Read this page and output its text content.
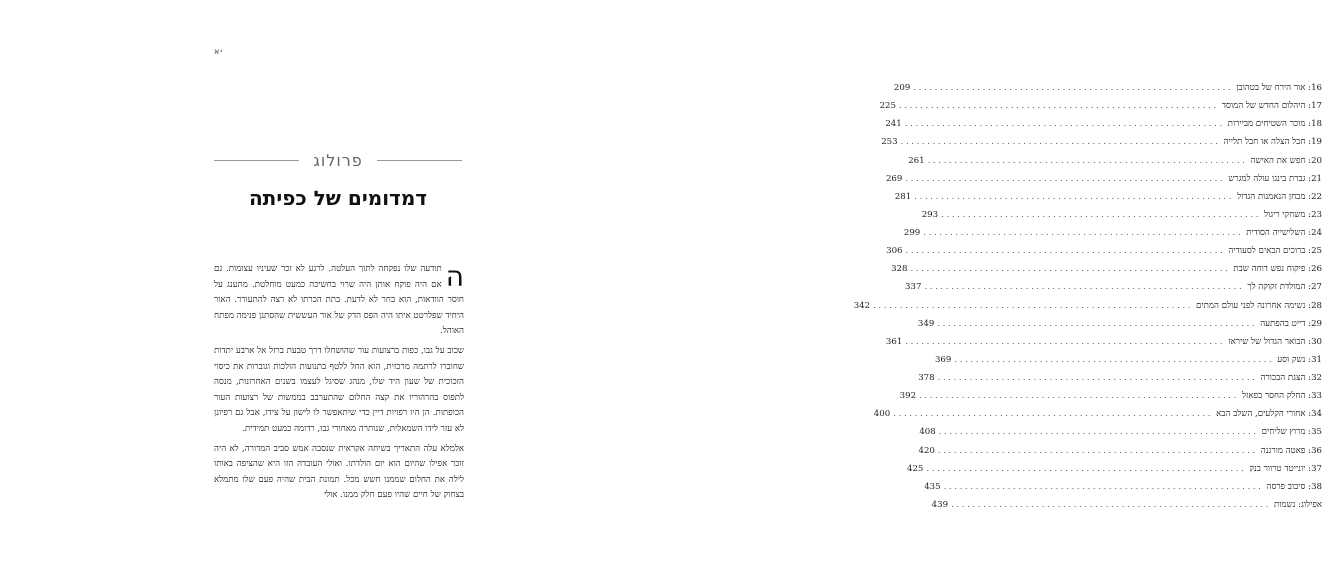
יא
פרולוג
דמדומים של כפיתה

ה
תודעה שלו נפקחה לתוך העלטה. לרגע לא זכר שעיניו עצומות. גם אם היה פוקח אותן היה שרוי בחשיכה כמעט מוחלטת. מתענג על חוסר הוודאות, הוא בחר לא לדעת. בתת הכרתו לא רצה להתעורר. האור היחיד שפלרטט איתו היה הפס הדק של אור העששית שהסתנן פנימה מפתח האוהל.

שכוב על גבו, כפות ברצועות עור שהושחלו דרך טבעת ברזל אל ארבע יתדות שחוברו לרתמה מרכזית, הוא החל ללטף בתנועות הולכות וגוברות את כיסוי הזכוכית של שעון היד שלו, מנהג שסיגל לעצמו בשנים האחרונות, מנסה לתפוס בהרהוריו את קצה החלום שהתערבב בממשות של רצועות העור הכופתות. הן היו רפויות דיין כדי שיתאפשר לו לישון על צידו, אבל גם רפיונן לא עזר לידו השמאלית, שנותרה מאחורי גבו, רדומה כמעט תמידית.

אלמלא עלה התאריך בשיחה אקראית שנסבה אמש סביב המדורה, לא היה זוכר אפילו שהיום הוא יום הולדתו. ואולי העובדה הזו היא שהציפה באותו לילה את החלום שממנו חשש מכל. תמונת הבית שהיה פעם שלו מתמלא בצחוק של חיים שהיו פעם חלק ממנו. אולי

16: אור הירח של בטהובן
............................................................
209
17: היהלום החדש של המוסד
............................................................
225
18: מוכר השטיחים מביירות
............................................................
241
19: חבל הצלה או חבל תלייה
............................................................
253
20: חפש את האישה
............................................................
261
21: גברת בינגו עולה למגרש
............................................................
269
22: מבחן הנאמנות הגדול
............................................................
281
23: משחקי ריגול
............................................................
293
24: השלישייה הסודית
............................................................
299
25: ברוכים הבאים לסעודיה
............................................................
306
26: פיקוח נפש דוחה שבת
............................................................
328
27: המולדת זקוקה לך
............................................................
337
28: נשימה אחרונה לפני עולם המתים
............................................................
342
29: דייט בהפתעה
............................................................
349
30: הבואר הגדול של שיראז
............................................................
361
31: נשק וסע
............................................................
369
32: הצגת הבכורה
............................................................
378
33: החלק החסר בפאזל
............................................................
392
34: אחורי הקלעים, השלב הבא
............................................................
400
35: מרוץ שליחים
............................................................
408
36: פאטה מורגנה
............................................................
420
37: יונייטד טרוור בנק
............................................................
425
38: סיבוב פרסה
............................................................
435
אפילוג: נשמות
............................................................
439
